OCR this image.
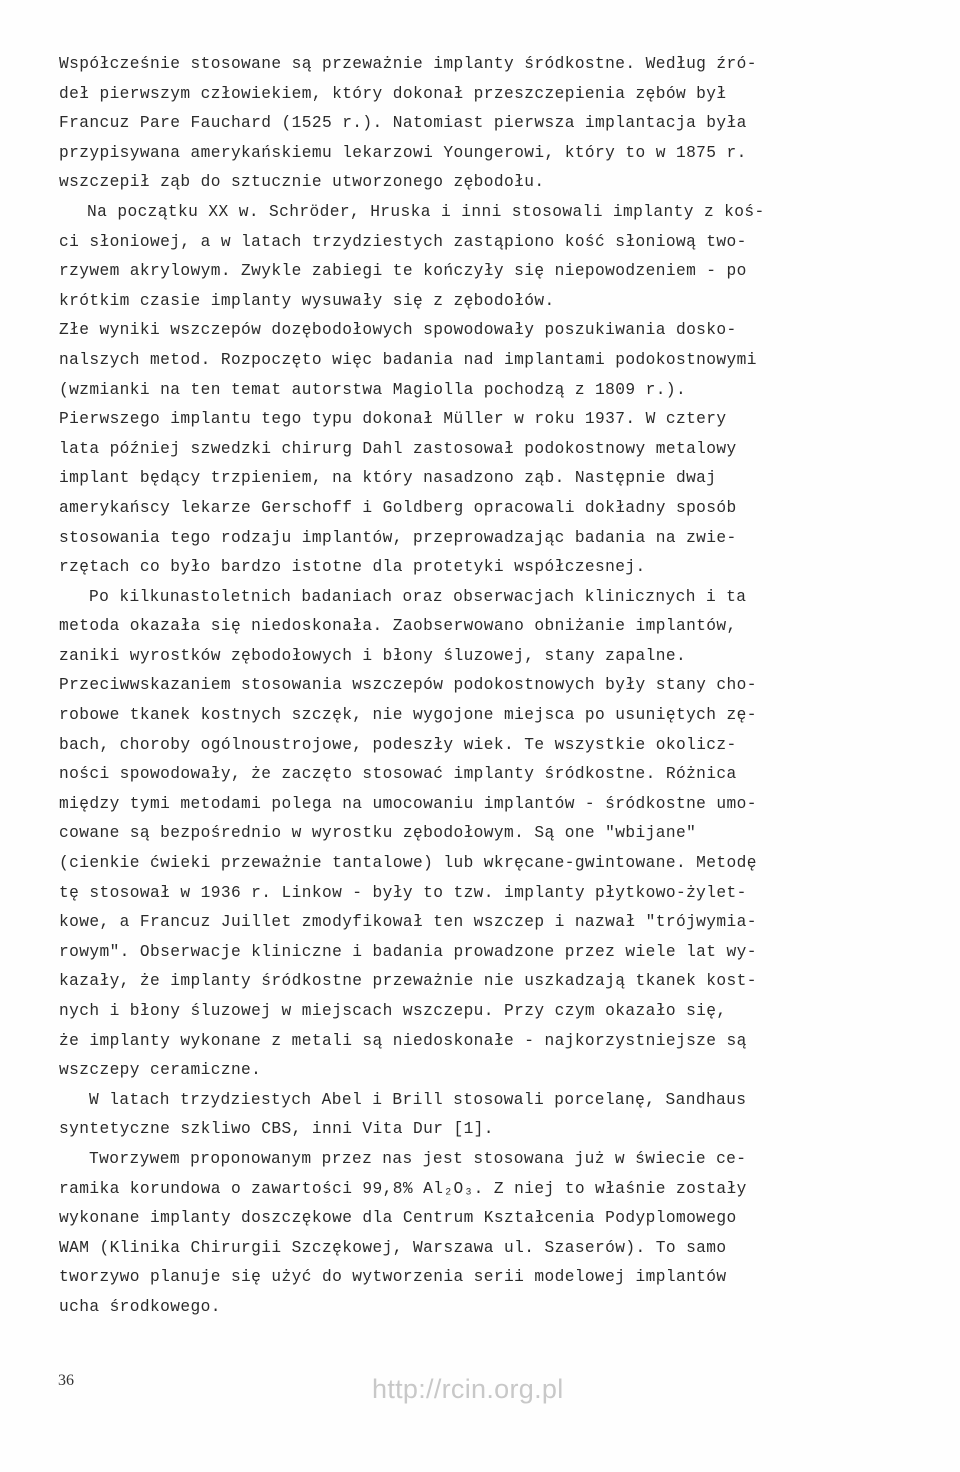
Współcześnie stosowane są przeważnie implanty śródkostne. Według źró-
deł pierwszym człowiekiem, który dokonał przeszczepienia zębów był
Francuz Pare Fauchard (1525 r.). Natomiast pierwsza implantacja była
przypisywana amerykańskiemu lekarzowi Youngerowi, który to w 1875 r.
wszczepił ząb do sztucznie utworzonego zębodołu.
Na początku XX w. Schröder, Hruska i inni stosowali implanty z koś-
ci słoniowej, a w latach trzydziestych zastąpiono kość słoniową two-
rzywem akrylowym. Zwykle zabiegi te kończyły się niepowodzeniem - po
krótkim czasie implanty wysuwały się z zębodołów.
Złe wyniki wszczepów dozębodołowych spowodowały poszukiwania dosko-
nalszych metod. Rozpoczęto więc badania nad implantami podokostnowymi
(wzmianki na ten temat autorstwa Magiolla pochodzą z 1809 r.).
Pierwszego implantu tego typu dokonał Müller w roku 1937. W cztery
lata później szwedzki chirurg Dahl zastosował podokostnowy metalowy
implant będący trzpieniem, na który nasadzono ząb. Następnie dwaj
amerykańscy lekarze Gerschoff i Goldberg opracowali dokładny sposób
stosowania tego rodzaju implantów, przeprowadzając badania na zwie-
rzętach co było bardzo istotne dla protetyki współczesnej.
Po kilkunastoletnich badaniach oraz obserwacjach klinicznych i ta
metoda okazała się niedoskonała. Zaobserwowano obniżanie implantów,
zaniki wyrostków zębodołowych i błony śluzowej, stany zapalne.
Przeciwwskazaniem stosowania wszczepów podokostnowych były stany cho-
robowe tkanek kostnych szczęk, nie wygojone miejsca po usuniętych zę-
bach, choroby ogólnoustrojowe, podeszły wiek. Te wszystkie okolicz-
ności spowodowały, że zaczęto stosować implanty śródkostne. Różnica
między tymi metodami polega na umocowaniu implantów - śródkostne umo-
cowane są bezpośrednio w wyrostku zębodołowym. Są one "wbijane"
(cienkie ćwieki przeważnie tantalowe) lub wkręcane-gwintowane. Metodę
tę stosował w 1936 r. Linkow - były to tzw. implanty płytkowo-żylet-
kowe, a Francuz Juillet zmodyfikował ten wszczep i nazwał "trójwymia-
rowym". Obserwacje kliniczne i badania prowadzone przez wiele lat wy-
kazały, że implanty śródkostne przeważnie nie uszkadzają tkanek kost-
nych i błony śluzowej w miejscach wszczepu. Przy czym okazało się,
że implanty wykonane z metali są niedoskonałe - najkorzystniejsze są
wszczepy ceramiczne.
W latach trzydziestych Abel i Brill stosowali porcelanę, Sandhaus
syntetyczne szkliwo CBS, inni Vita Dur [1].
Tworzywem proponowanym przez nas jest stosowana już w świecie ce-
ramika korundowa o zawartości 99,8% Al₂O₃. Z niej to właśnie zostały
wykonane implanty doszczękowe dla Centrum Kształcenia Podyplomowego
WAM (Klinika Chirurgii Szczękowej, Warszawa ul. Szaserów). To samo
tworzywo planuje się użyć do wytworzenia serii modelowej implantów
ucha środkowego.
36	http://rcin.org.pl
